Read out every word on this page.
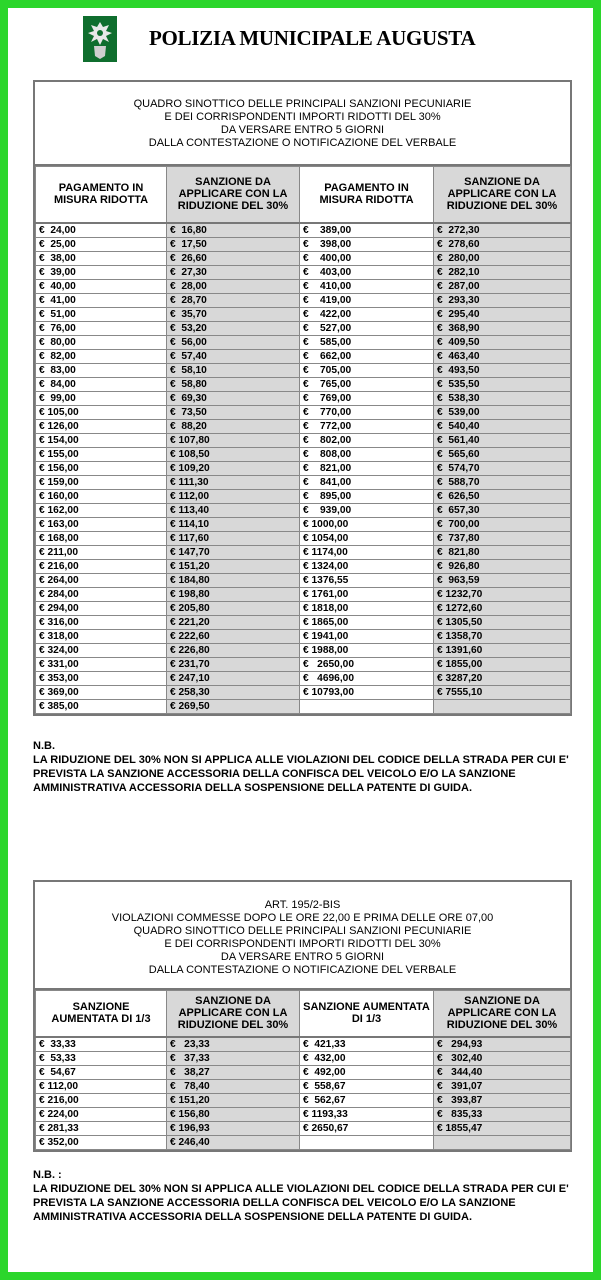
POLIZIA MUNICIPALE AUGUSTA
QUADRO SINOTTICO DELLE PRINCIPALI SANZIONI PECUNIARIE
E DEI CORRISPONDENTI IMPORTI RIDOTTI DEL 30%
DA VERSARE ENTRO 5 GIORNI
DALLA CONTESTAZIONE O NOTIFICAZIONE DEL VERBALE
PAGAMENTO IN MISURA RIDOTTA	SANZIONE DA APPLICARE CON LA RIDUZIONE DEL 30%	PAGAMENTO IN MISURA RIDOTTA	SANZIONE DA APPLICARE CON LA RIDUZIONE DEL 30%
€  24,00	€  16,80	€    389,00	€  272,30
€  25,00	€  17,50	€    398,00	€  278,60
€  38,00	€  26,60	€    400,00	€  280,00
€  39,00	€  27,30	€    403,00	€  282,10
€  40,00	€  28,00	€    410,00	€  287,00
€  41,00	€  28,70	€    419,00	€  293,30
€  51,00	€  35,70	€    422,00	€  295,40
€  76,00	€  53,20	€    527,00	€  368,90
€  80,00	€  56,00	€    585,00	€  409,50
€  82,00	€  57,40	€    662,00	€  463,40
€  83,00	€  58,10	€    705,00	€  493,50
€  84,00	€  58,80	€    765,00	€  535,50
€  99,00	€  69,30	€    769,00	€  538,30
€ 105,00	€  73,50	€    770,00	€  539,00
€ 126,00	€  88,20	€    772,00	€  540,40
€ 154,00	€ 107,80	€    802,00	€  561,40
€ 155,00	€ 108,50	€    808,00	€  565,60
€ 156,00	€ 109,20	€    821,00	€  574,70
€ 159,00	€ 111,30	€    841,00	€  588,70
€ 160,00	€ 112,00	€    895,00	€  626,50
€ 162,00	€ 113,40	€    939,00	€  657,30
€ 163,00	€ 114,10	€ 1000,00	€  700,00
€ 168,00	€ 117,60	€ 1054,00	€  737,80
€ 211,00	€ 147,70	€ 1174,00	€  821,80
€ 216,00	€ 151,20	€ 1324,00	€  926,80
€ 264,00	€ 184,80	€ 1376,55	€  963,59
€ 284,00	€ 198,80	€ 1761,00	€ 1232,70
€ 294,00	€ 205,80	€ 1818,00	€ 1272,60
€ 316,00	€ 221,20	€ 1865,00	€ 1305,50
€ 318,00	€ 222,60	€ 1941,00	€ 1358,70
€ 324,00	€ 226,80	€ 1988,00	€ 1391,60
€ 331,00	€ 231,70	€   2650,00	€ 1855,00
€ 353,00	€ 247,10	€   4696,00	€ 3287,20
€ 369,00	€ 258,30	€ 10793,00	€ 7555,10
€ 385,00	€ 269,50		
N.B.
LA RIDUZIONE DEL 30% NON SI APPLICA ALLE VIOLAZIONI DEL CODICE DELLA STRADA PER CUI E' PREVISTA LA SANZIONE ACCESSORIA DELLA CONFISCA DEL VEICOLO E/O LA SANZIONE AMMINISTRATIVA ACCESSORIA DELLA SOSPENSIONE DELLA PATENTE DI GUIDA.
ART. 195/2-BIS
VIOLAZIONI COMMESSE DOPO LE ORE 22,00 E PRIMA DELLE ORE 07,00
QUADRO SINOTTICO DELLE PRINCIPALI SANZIONI PECUNIARIE
E DEI CORRISPONDENTI IMPORTI RIDOTTI DEL 30%
DA VERSARE ENTRO 5 GIORNI
DALLA CONTESTAZIONE O NOTIFICAZIONE DEL VERBALE
SANZIONE AUMENTATA DI 1/3	SANZIONE DA APPLICARE CON LA RIDUZIONE DEL 30%	SANZIONE AUMENTATA DI 1/3	SANZIONE DA APPLICARE CON LA RIDUZIONE DEL 30%
€  33,33	€   23,33	€  421,33	€   294,93
€  53,33	€   37,33	€  432,00	€   302,40
€  54,67	€   38,27	€  492,00	€   344,40
€ 112,00	€   78,40	€  558,67	€   391,07
€ 216,00	€ 151,20	€  562,67	€   393,87
€ 224,00	€ 156,80	€ 1193,33	€   835,33
€ 281,33	€ 196,93	€ 2650,67	€ 1855,47
€ 352,00	€ 246,40		
N.B. :
LA RIDUZIONE DEL 30% NON SI APPLICA ALLE VIOLAZIONI DEL CODICE DELLA STRADA PER CUI E' PREVISTA LA SANZIONE ACCESSORIA DELLA CONFISCA DEL VEICOLO E/O LA SANZIONE AMMINISTRATIVA ACCESSORIA DELLA SOSPENSIONE DELLA PATENTE DI GUIDA.
